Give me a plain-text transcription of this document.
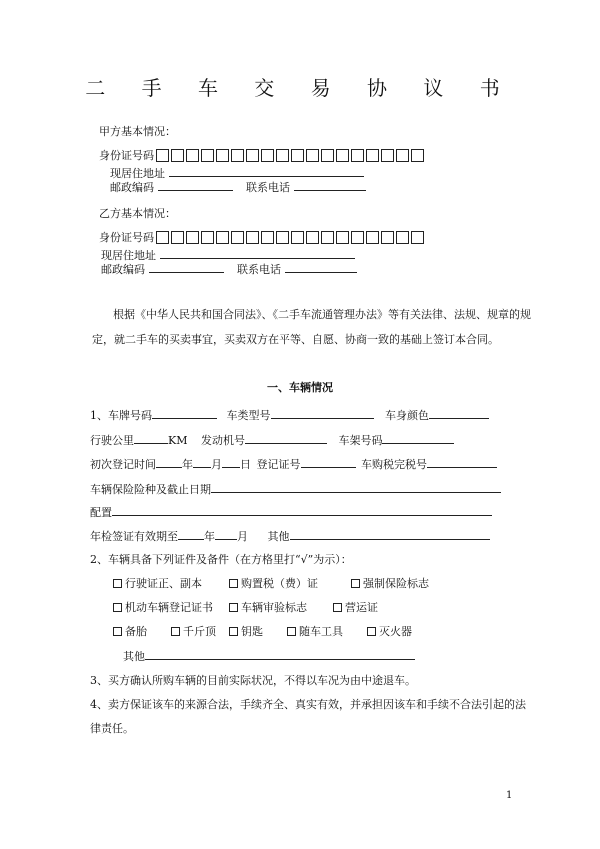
二 手 车 交 易 协 议 书
甲方基本情况：
身份证号码
现居住地址
邮政编码	联系电话
乙方基本情况：
身份证号码
现居住地址
邮政编码	联系电话
根据《中华人民共和国合同法》、《二手车流通管理办法》等有关法律、法规、规章的规
定，就二手车的买卖事宜，买卖双方在平等、自愿、协商一致的基础上签订本合同。
一、车辆情况
1、车牌号码	车类型号	车身颜色
行驶公里	KM 发动机号	车架号码
初次登记时间 年 月 日 登记证号	车购税完税号
车辆保险险种及截止日期
配置
年检签证有效期至 年 月 其他
2、车辆具备下列证件及备件（在方格里打“√”为示）：
行驶证正、副本	购置税（费）证	强制保险标志
机动车辆登记证书	车辆审验标志	营运证
备胎	千斤顶 钥匙	随车工具	灭火器
其他
3、买方确认所购车辆的目前实际状况，不得以车况为由中途退车。
4、卖方保证该车的来源合法，手续齐全、真实有效，并承担因该车和手续不合法引起的法
律责任。
1
